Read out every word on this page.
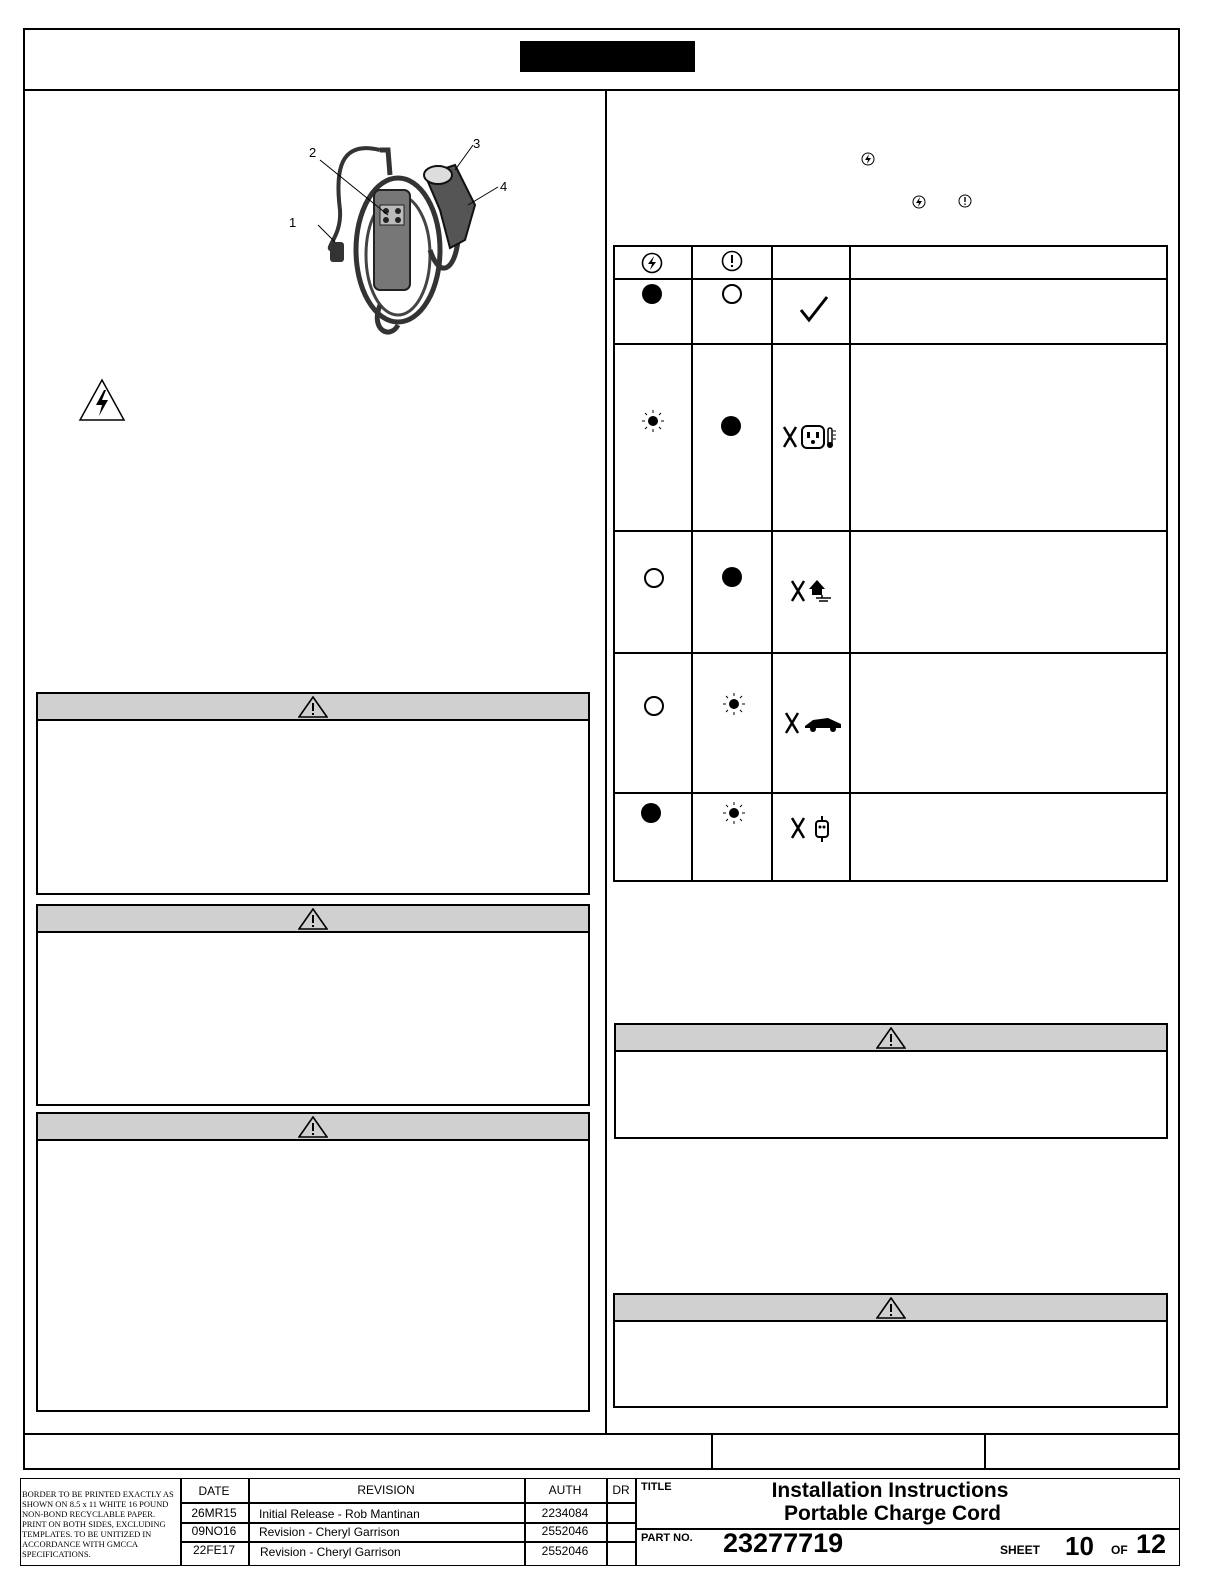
1
2
3
4
BORDER TO BE PRINTED EXACTLY AS SHOWN ON 8.5 x 11 WHITE 16 POUND NON-BOND RECYCLABLE PAPER. PRINT ON BOTH SIDES, EXCLUDING TEMPLATES. TO BE UNITIZED IN ACCORDANCE WITH GMCCA SPECIFICATIONS.
DATE	REVISION	AUTH	DR
26MR15	Initial Release - Rob Mantinan	2234084
09NO16	Revision - Cheryl Garrison	2552046
22FE17	Revision - Cheryl Garrison	2552046
TITLE	Installation Instructions
Portable Charge Cord
PART NO. 23277719	SHEET 10 OF 12
